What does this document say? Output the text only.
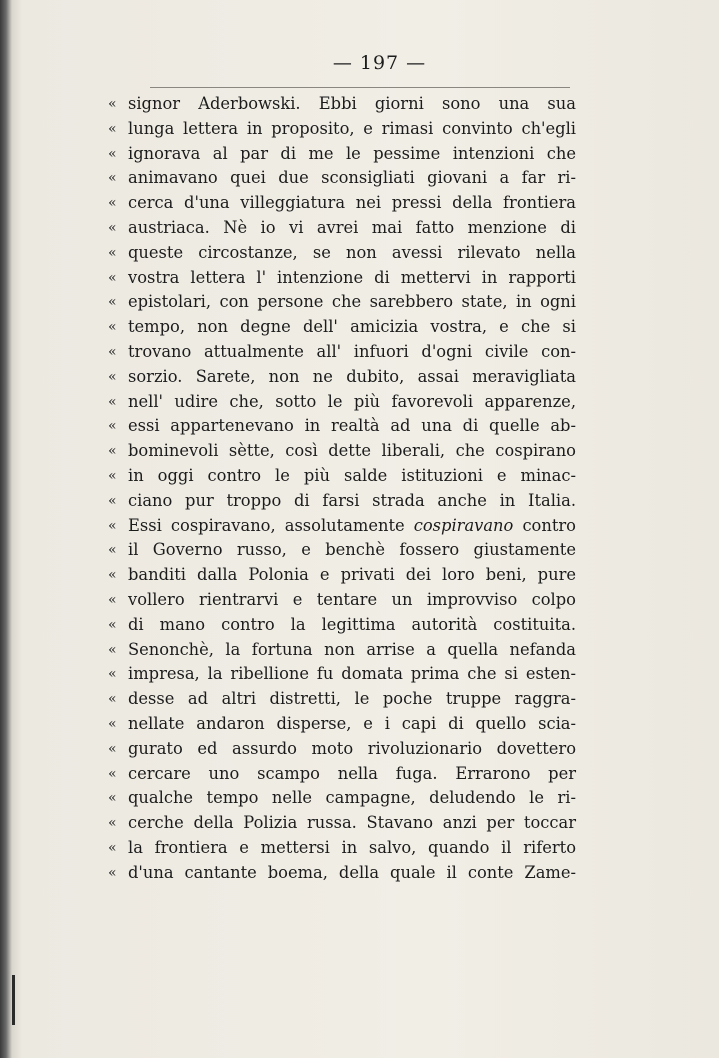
— 197 —
« signor Aderbowski. Ebbi giorni sono una sua
« lunga lettera in proposito, e rimasi convinto ch'egli
« ignorava al par di me le pessime intenzioni che
« animavano quei due sconsigliati giovani a far ri-
« cerca d'una villeggiatura nei pressi della frontiera
« austriaca. Nè io vi avrei mai fatto menzione di
« queste circostanze, se non avessi rilevato nella
« vostra lettera l' intenzione di mettervi in rapporti
« epistolari, con persone che sarebbero state, in ogni
« tempo, non degne dell' amicizia vostra, e che si
« trovano attualmente all' infuori d'ogni civile con-
« sorzio. Sarete, non ne dubito, assai meravigliata
« nell' udire che, sotto le più favorevoli apparenze,
« essi appartenevano in realtà ad una di quelle ab-
« bominevoli sètte, così dette liberali, che cospirano
« in oggi contro le più salde istituzioni e minac-
« ciano pur troppo di farsi strada anche in Italia.
« Essi cospiravano, assolutamente cospiravano contro
« il Governo russo, e benchè fossero giustamente
« banditi dalla Polonia e privati dei loro beni, pure
« vollero rientrarvi e tentare un improvviso colpo
« di mano contro la legittima autorità costituita.
« Senonchè, la fortuna non arrise a quella nefanda
« impresa, la ribellione fu domata prima che si esten-
« desse ad altri distretti, le poche truppe raggra-
« nellate andaron disperse, e i capi di quello scia-
« gurato ed assurdo moto rivoluzionario dovettero
« cercare uno scampo nella fuga. Errarono per
« qualche tempo nelle campagne, deludendo le ri-
« cerche della Polizia russa. Stavano anzi per toccar
« la frontiera e mettersi in salvo, quando il riferto
« d'una cantante boema, della quale il conte Zame-
